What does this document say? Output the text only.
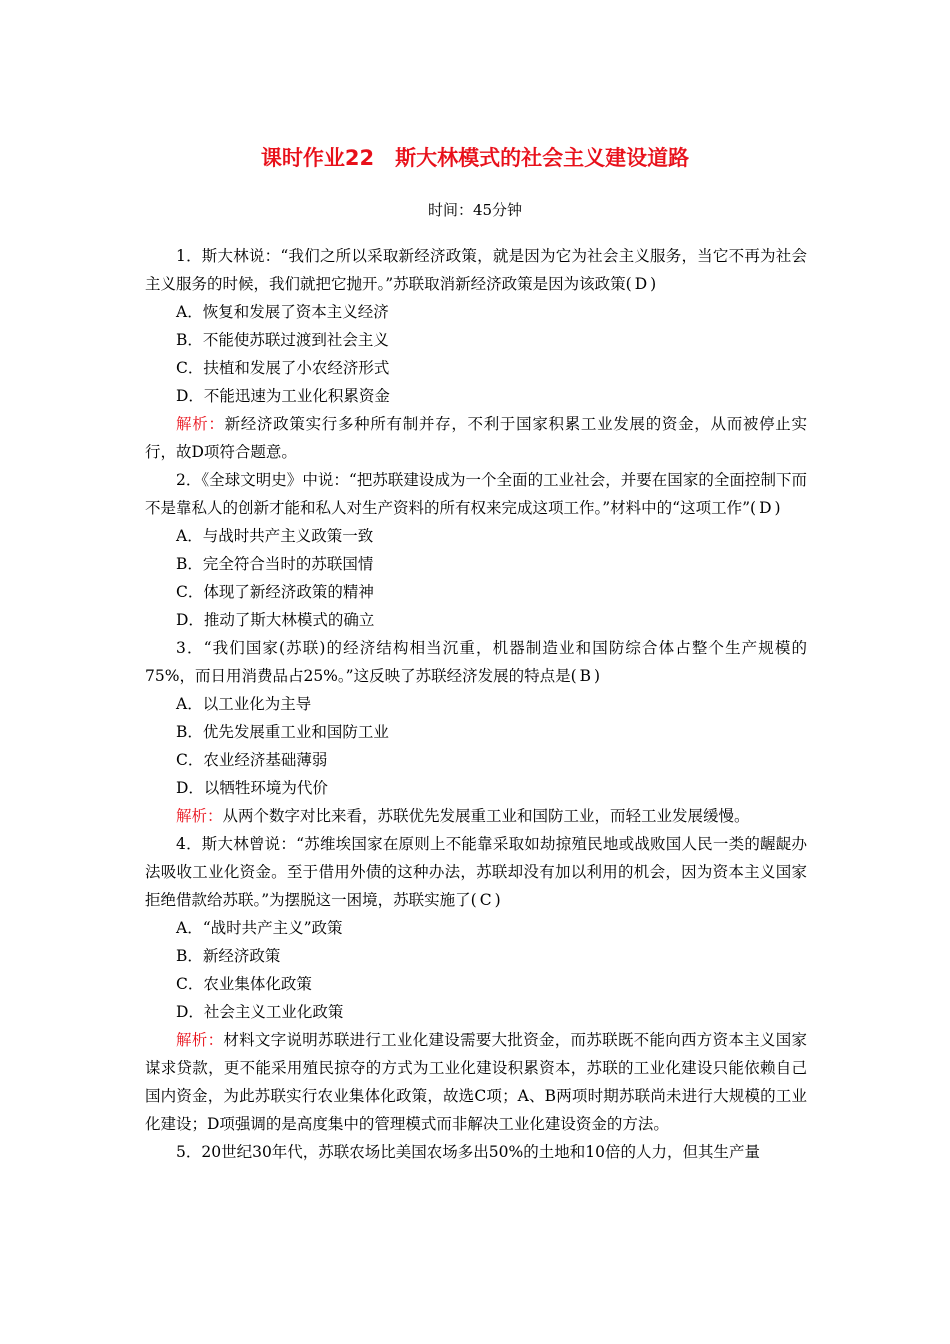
课时作业22　斯大林模式的社会主义建设道路
时间：45分钟

1．斯大林说：“我们之所以采取新经济政策，就是因为它为社会主义服务，当它不再为社会主义服务的时候，我们就把它抛开。”苏联取消新经济政策是因为该政策( D )

A．恢复和发展了资本主义经济

B．不能使苏联过渡到社会主义

C．扶植和发展了小农经济形式

D．不能迅速为工业化积累资金

解析：新经济政策实行多种所有制并存，不利于国家积累工业发展的资金，从而被停止实行，故D项符合题意。

2．《全球文明史》中说：“把苏联建设成为一个全面的工业社会，并要在国家的全面控制下而不是靠私人的创新才能和私人对生产资料的所有权来完成这项工作。”材料中的“这项工作”( D )

A．与战时共产主义政策一致

B．完全符合当时的苏联国情

C．体现了新经济政策的精神

D．推动了斯大林模式的确立

3．“我们国家(苏联)的经济结构相当沉重，机器制造业和国防综合体占整个生产规模的75%，而日用消费品占25%。”这反映了苏联经济发展的特点是( B )

A．以工业化为主导

B．优先发展重工业和国防工业

C．农业经济基础薄弱

D．以牺牲环境为代价

解析：从两个数字对比来看，苏联优先发展重工业和国防工业，而轻工业发展缓慢。

4．斯大林曾说：“苏维埃国家在原则上不能靠采取如劫掠殖民地或战败国人民一类的龌龊办法吸收工业化资金。至于借用外债的这种办法，苏联却没有加以利用的机会，因为资本主义国家拒绝借款给苏联。”为摆脱这一困境，苏联实施了( C )

A．“战时共产主义”政策

B．新经济政策

C．农业集体化政策

D．社会主义工业化政策

解析：材料文字说明苏联进行工业化建设需要大批资金，而苏联既不能向西方资本主义国家谋求贷款，更不能采用殖民掠夺的方式为工业化建设积累资本，苏联的工业化建设只能依赖自己国内资金，为此苏联实行农业集体化政策，故选C项；A、B两项时期苏联尚未进行大规模的工业化建设；D项强调的是高度集中的管理模式而非解决工业化建设资金的方法。

5．20世纪30年代，苏联农场比美国农场多出50%的土地和10倍的人力，但其生产量
